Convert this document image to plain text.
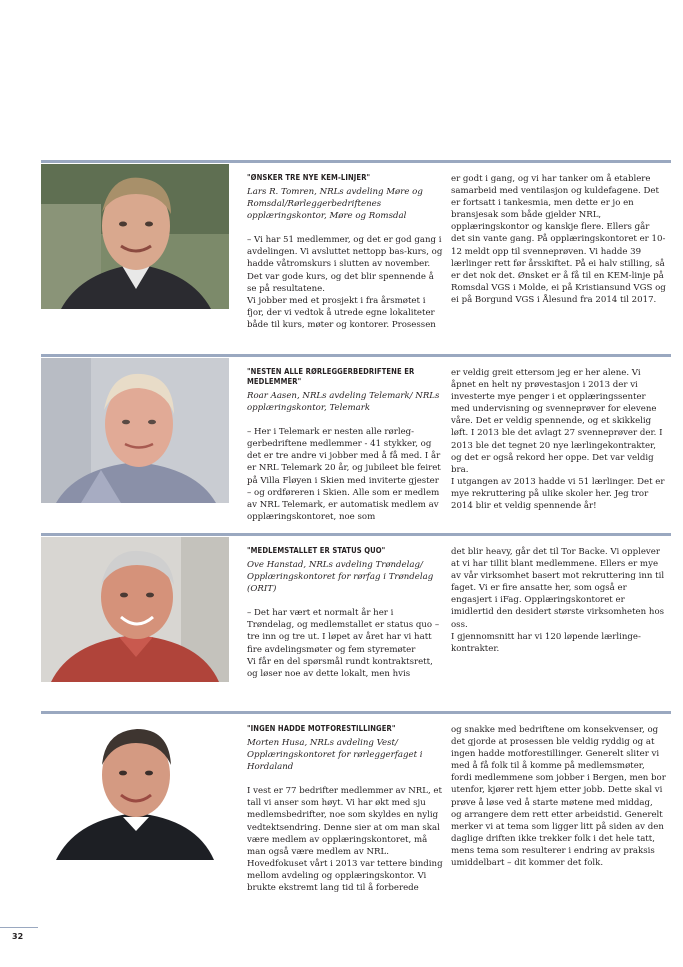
"ØNSKER TRE NYE KEM-LINJER"
Lars R. Tomren, NRLs avdeling Møre og Romsdal/Rørleggerbedriftenes opplæringskontor, Møre og Romsdal
– Vi har 51 medlemmer, og det er god gang i avdelingen. Vi avsluttet nettopp bas-kurs, og hadde våtromskurs i slutten av november. Det var gode kurs, og det blir spennende å se på resultatene.
Vi jobber med et prosjekt i fra årsmøtet i fjor, der vi vedtok å utrede egne lokaliteter både til kurs, møter og kontorer. Prosessen
er godt i gang, og vi har tanker om å etablere samarbeid med ventilasjon og kuldefagene. Det er fortsatt i tankesmia, men dette er jo en bransjesak som både gjelder NRL, opplæringskontor og kanskje flere. Ellers går det sin vante gang. På opplæringskontoret er 10-12 meldt opp til svenneprøven. Vi hadde 39 lærlinger rett før årsskiftet. På ei halv stilling, så er det nok det. Ønsket er å få til en KEM-linje på Romsdal VGS i Molde, ei på Kristiansund VGS og ei på Borgund VGS i Ålesund fra 2014 til 2017.
"NESTEN ALLE RØRLEGGERBEDRIFTENE ER MEDLEMMER"
Roar Aasen, NRLs avdeling Telemark/ NRLs opplæringskontor, Telemark
– Her i Telemark er nesten alle rørleggerbedriftene medlemmer - 41 stykker, og det er tre andre vi jobber med å få med. I år er NRL Telemark 20 år, og jubileet ble feiret på Villa Fløyen i Skien med inviterte gjester – og ordføreren i Skien. Alle som er medlem av NRL Telemark, er automatisk medlem av opplæringskontoret, noe som
er veldig greit ettersom jeg er her alene. Vi åpnet en helt ny prøvestasjon i 2013 der vi investerte mye penger i et opplæringssenter med undervisning og svenneprøver for elevene våre. Det er veldig spennende, og et skikkelig løft. I 2013 ble det avlagt 27 svenneprøver der. I 2013 ble det tegnet 20 nye lærlingekontrakter, og det er også rekord her oppe. Det var veldig bra.
I utgangen av 2013 hadde vi 51 lærlinger. Det er mye rekruttering på ulike skoler her. Jeg tror 2014 blir et veldig spennende år!
"MEDLEMSTALLET ER STATUS QUO"
Ove Hanstad, NRLs avdeling Trøndelag/ Opplæringskontoret for rørfag i Trøndelag (ORIT)
– Det har vært et normalt år her i Trøndelag, og medlemstallet er status quo – tre inn og tre ut. I løpet av året har vi hatt fire avdelingsmøter og fem styremøter
Vi får en del spørsmål rundt kontraktsrett, og løser noe av dette lokalt, men hvis
det blir heavy, går det til Tor Backe. Vi opplever at vi har tillit blant medlemmene. Ellers er mye av vår virksomhet basert mot rekruttering inn til faget. Vi er fire ansatte her, som også er engasjert i iFag. Opplæringskontoret er imidlertid den desidert største virksomheten hos oss.
I gjennomsnitt har vi 120 løpende lærlingekontrakter.
"INGEN HADDE MOTFORESTILLINGER"
Morten Husa, NRLs avdeling Vest/ Opplæringskontoret for rørleggerfaget i Hordaland
I vest er 77 bedrifter medlemmer av NRL, et tall vi anser som høyt. Vi har økt med sju medlemsbedrifter, noe som skyldes en nylig vedtektsendring. Denne sier at om man skal være medlem av opplæringskontoret, må man også være medlem av NRL. Hovedfokuset vårt i 2013 var tettere binding mellom avdeling og opplæringskontor. Vi brukte ekstremt lang tid til å forberede
og snakke med bedriftene om konsekvenser, og det gjorde at prosessen ble veldig ryddig og at ingen hadde motforestillinger. Generelt sliter vi med å få folk til å komme på medlemsmøter, fordi medlemmene som jobber i Bergen, men bor utenfor, kjører rett hjem etter jobb. Dette skal vi prøve å løse ved å starte møtene med middag, og arrangere dem rett etter arbeidstid. Generelt merker vi at tema som ligger litt på siden av den daglige driften ikke trekker folk i det hele tatt, mens tema som resulterer i endring av praksis umiddelbart – dit kommer det folk.
32
